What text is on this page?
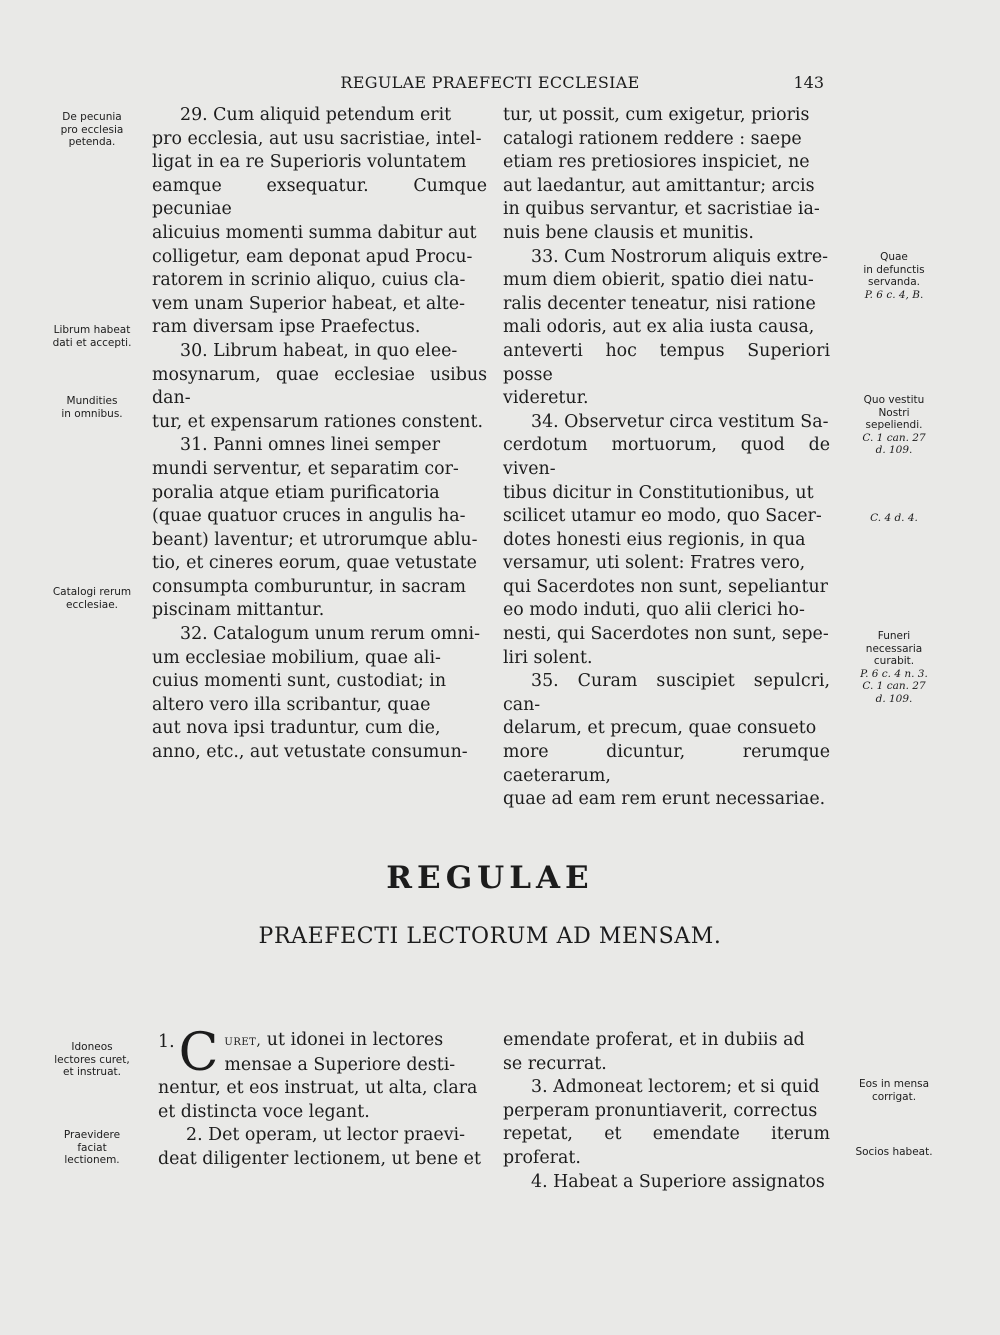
REGULAE PRAEFECTI ECCLESIAE	143
De pecunia
pro ecclesia
petenda.
Librum habeat
dati et accepti.
Mundities
in omnibus.
Catalogi rerum
ecclesiae.
Idoneos
lectores curet,
et instruat.
Praevidere
faciat
lectionem.
Quae
in defunctis
servanda.
P. 6 c. 4, B.
Quo vestitu
Nostri
sepeliendi.
C. 1 can. 27
d. 109.
C. 4 d. 4.
Funeri
necessaria
curabit.
P. 6 c. 4 n. 3.
C. 1 can. 27
d. 109.
Eos in mensa
corrigat.
Socios habeat.
29. Cum aliquid petendum erit
pro ecclesia, aut usu sacristiae, intel-
ligat in ea re Superioris voluntatem
eamque exsequatur. Cumque pecuniae
alicuius momenti summa dabitur aut
colligetur, eam deponat apud Procu-
ratorem in scrinio aliquo, cuius cla-
vem unam Superior habeat, et alte-
ram diversam ipse Praefectus.
30. Librum habeat, in quo elee-
mosynarum, quae ecclesiae usibus dan-
tur, et expensarum rationes constent.
31. Panni omnes linei semper
mundi serventur, et separatim cor-
poralia atque etiam purificatoria
(quae quatuor cruces in angulis ha-
beant) laventur; et utrorumque ablu-
tio, et cineres eorum, quae vetustate
consumpta comburuntur, in sacram
piscinam mittantur.
32. Catalogum unum rerum omni-
um ecclesiae mobilium, quae ali-
cuius momenti sunt, custodiat; in
altero vero illa scribantur, quae
aut nova ipsi traduntur, cum die,
anno, etc., aut vetustate consumun-
tur, ut possit, cum exigetur, prioris
catalogi rationem reddere : saepe
etiam res pretiosiores inspiciet, ne
aut laedantur, aut amittantur; arcis
in quibus servantur, et sacristiae ia-
nuis bene clausis et munitis.
33. Cum Nostrorum aliquis extre-
mum diem obierit, spatio diei natu-
ralis decenter teneatur, nisi ratione
mali odoris, aut ex alia iusta causa,
anteverti hoc tempus Superiori posse
videretur.
34. Observetur circa vestitum Sa-
cerdotum mortuorum, quod de viven-
tibus dicitur in Constitutionibus, ut
scilicet utamur eo modo, quo Sacer-
dotes honesti eius regionis, in qua
versamur, uti solent: Fratres vero,
qui Sacerdotes non sunt, sepeliantur
eo modo induti, quo alii clerici ho-
nesti, qui Sacerdotes non sunt, sepe-
liri solent.
35. Curam suscipiet sepulcri, can-
delarum, et precum, quae consueto
more dicuntur, rerumque caeterarum,
quae ad eam rem erunt necessariae.
REGULAE
PRAEFECTI LECTORUM AD MENSAM.
1. C uret, ut idonei in lectores
mensae a Superiore desti-
nentur, et eos instruat, ut alta, clara
et distincta voce legant.
2. Det operam, ut lector praevi-
deat diligenter lectionem, ut bene et
emendate proferat, et in dubiis ad
se recurrat.
3. Admoneat lectorem; et si quid
perperam pronuntiaverit, correctus
repetat, et emendate iterum proferat.
4. Habeat a Superiore assignatos
